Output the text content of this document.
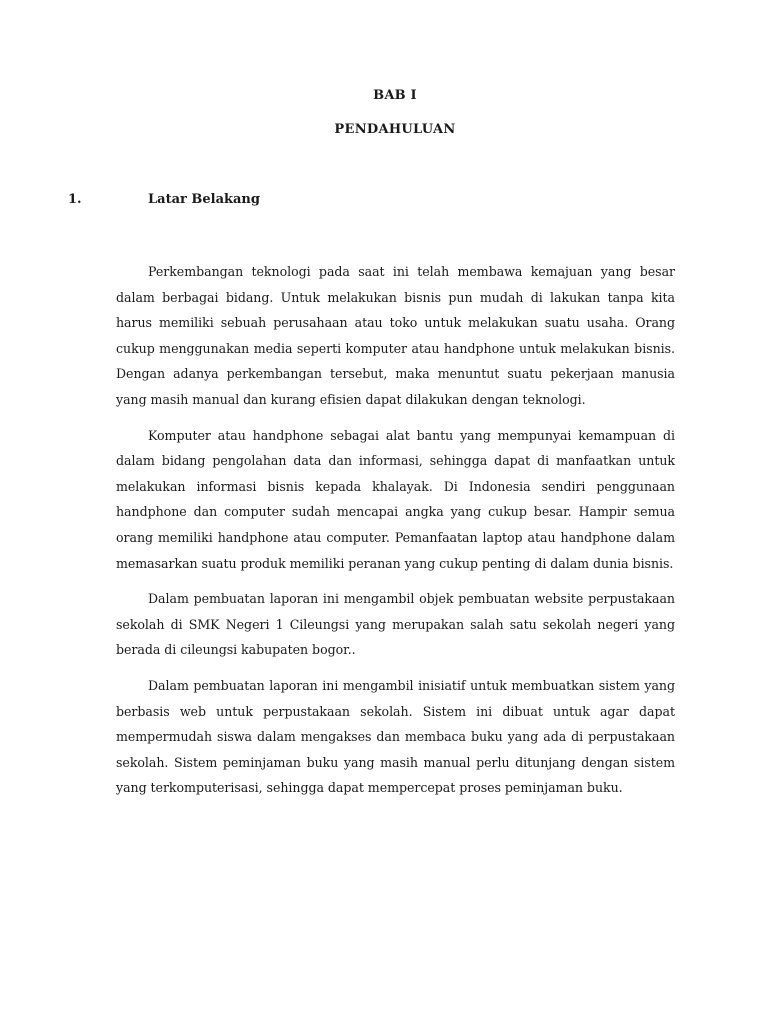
BAB I
PENDAHULUAN
1.	Latar Belakang

Perkembangan teknologi pada saat ini telah membawa kemajuan yang besar dalam berbagai bidang. Untuk melakukan bisnis pun mudah di lakukan tanpa kita harus memiliki sebuah perusahaan atau toko untuk melakukan suatu usaha. Orang cukup menggunakan media seperti komputer atau handphone untuk melakukan bisnis. Dengan adanya perkembangan tersebut, maka menuntut suatu pekerjaan manusia yang masih manual dan kurang efisien dapat dilakukan dengan teknologi.

Komputer atau handphone sebagai alat bantu yang mempunyai kemampuan di dalam bidang pengolahan data dan informasi, sehingga dapat di manfaatkan untuk melakukan informasi bisnis kepada khalayak. Di Indonesia sendiri penggunaan handphone dan computer sudah mencapai angka yang cukup besar. Hampir semua orang memiliki handphone atau computer. Pemanfaatan laptop atau handphone dalam memasarkan suatu produk memiliki peranan yang cukup penting di dalam dunia bisnis.

Dalam pembuatan laporan ini mengambil objek pembuatan website perpustakaan sekolah di SMK Negeri 1 Cileungsi yang merupakan salah satu sekolah negeri yang berada di cileungsi kabupaten bogor..

Dalam pembuatan laporan ini mengambil inisiatif untuk membuatkan sistem yang berbasis web untuk perpustakaan sekolah. Sistem ini dibuat untuk agar dapat mempermudah siswa dalam mengakses dan membaca buku yang ada di perpustakaan sekolah. Sistem peminjaman buku yang masih manual perlu ditunjang dengan sistem yang terkomputerisasi, sehingga dapat mempercepat proses peminjaman buku.
